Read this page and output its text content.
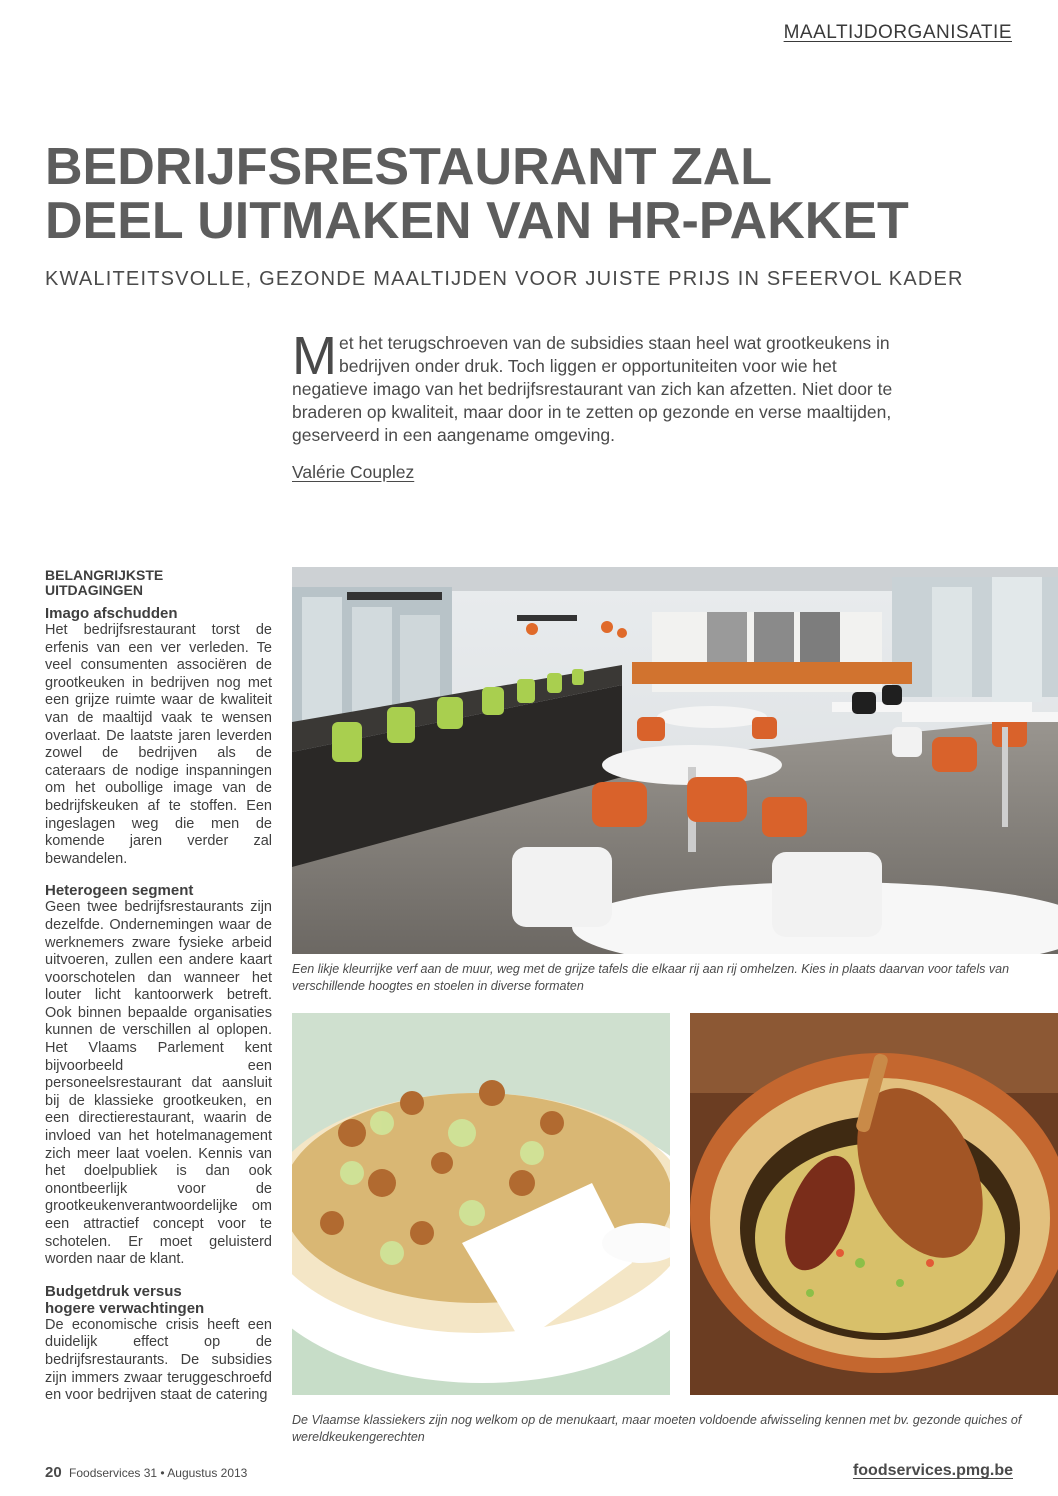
MAALTIJDORGANISATIE
BEDRIJFSRESTAURANT ZAL
DEEL UITMAKEN VAN HR-PAKKET
KWALITEITSVOLLE, GEZONDE MAALTIJDEN VOOR JUISTE PRIJS IN SFEERVOL KADER

Met het terugschroeven van de subsidies staan heel wat grootkeukens in bedrijven onder druk. Toch liggen er opportuniteiten voor wie het negatieve imago van het bedrijfsrestaurant van zich kan afzetten. Niet door te braderen op kwaliteit, maar door in te zetten op gezonde en verse maaltijden, geserveerd in een aangename omgeving.

Valérie Couplez
BELANGRIJKSTE
UITDAGINGEN
Imago afschudden

Het bedrijfsrestaurant torst de erfenis van een ver verleden. Te veel consumenten associëren de grootkeuken in bedrijven nog met een grijze ruimte waar de kwaliteit van de maaltijd vaak te wensen overlaat. De laatste jaren leverden zowel de bedrijven als de cateraars de nodige inspanningen om het oubollige image van de bedrijfskeuken af te stoffen. Een ingeslagen weg die men de komende jaren verder zal bewandelen.

Heterogeen segment

Geen twee bedrijfsrestaurants zijn dezelfde. Ondernemingen waar de werknemers zware fysieke arbeid uitvoeren, zullen een andere kaart voorschotelen dan wanneer het louter licht kantoorwerk betreft. Ook binnen bepaalde organisaties kunnen de verschillen al oplopen. Het Vlaams Parlement kent bijvoorbeeld een personeelsrestaurant dat aansluit bij de klassieke grootkeuken, en een directierestaurant, waarin de invloed van het hotelmanagement zich meer laat voelen. Kennis van het doelpubliek is dan ook onontbeerlijk voor de grootkeukenverantwoordelijke om een attractief concept voor te schotelen. Er moet geluisterd worden naar de klant.

Budgetdruk versus
hogere verwachtingen

De economische crisis heeft een duidelijk effect op de bedrijfsrestaurants. De subsidies zijn immers zwaar teruggeschroefd en voor bedrijven staat de catering

Een likje kleurrijke verf aan de muur, weg met de grijze tafels die elkaar rij aan rij omhelzen. Kies in plaats daarvan voor tafels van verschillende hoogtes en stoelen in diverse formaten

De Vlaamse klassiekers zijn nog welkom op de menukaart, maar moeten voldoende afwisseling kennen met bv. gezonde quiches of wereldkeukengerechten

20 Foodservices 31 • Augustus 2013	foodservices.pmg.be
